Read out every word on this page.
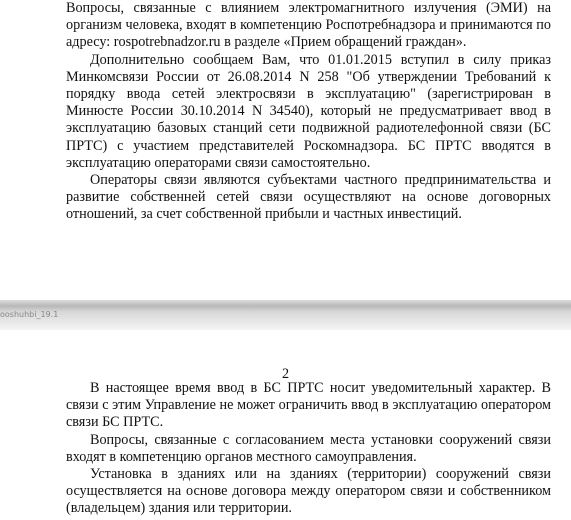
Вопросы, связанные с влиянием электромагнитного излучения (ЭМИ) на организм человека, входят в компетенцию Роспотребнадзора и принимаются по адресу: rospotrebnadzor.ru в разделе «Прием обращений граждан».

Дополнительно сообщаем Вам, что 01.01.2015 вступил в силу приказ Минкомсвязи России от 26.08.2014 N 258 "Об утверждении Требований к порядку ввода сетей электросвязи в эксплуатацию" (зарегистрирован в Минюсте России 30.10.2014 N 34540), который не предусматривает ввод в эксплуатацию базовых станций сети подвижной радиотелефонной связи (БС ПРТС) с участием представителей Роскомнадзора. БС ПРТС вводятся в эксплуатацию операторами связи самостоятельно.

Операторы связи являются субъектами частного предпринимательства и развитие собственней сетей связи осуществляют на основе договорных отношений, за счет собственной прибыли и частных инвестиций.

ooshuhbi_19.1
2

В настоящее время ввод в БС ПРТС носит уведомительный характер. В связи с этим Управление не может ограничить ввод в эксплуатацию оператором связи БС ПРТС.

Вопросы, связанные с согласованием места установки сооружений связи входят в компетенцию органов местного самоуправления.

Установка в зданиях или на зданиях (территории) сооружений связи осуществляется на основе договора между оператором связи и собственником (владельцем) здания или территории.
